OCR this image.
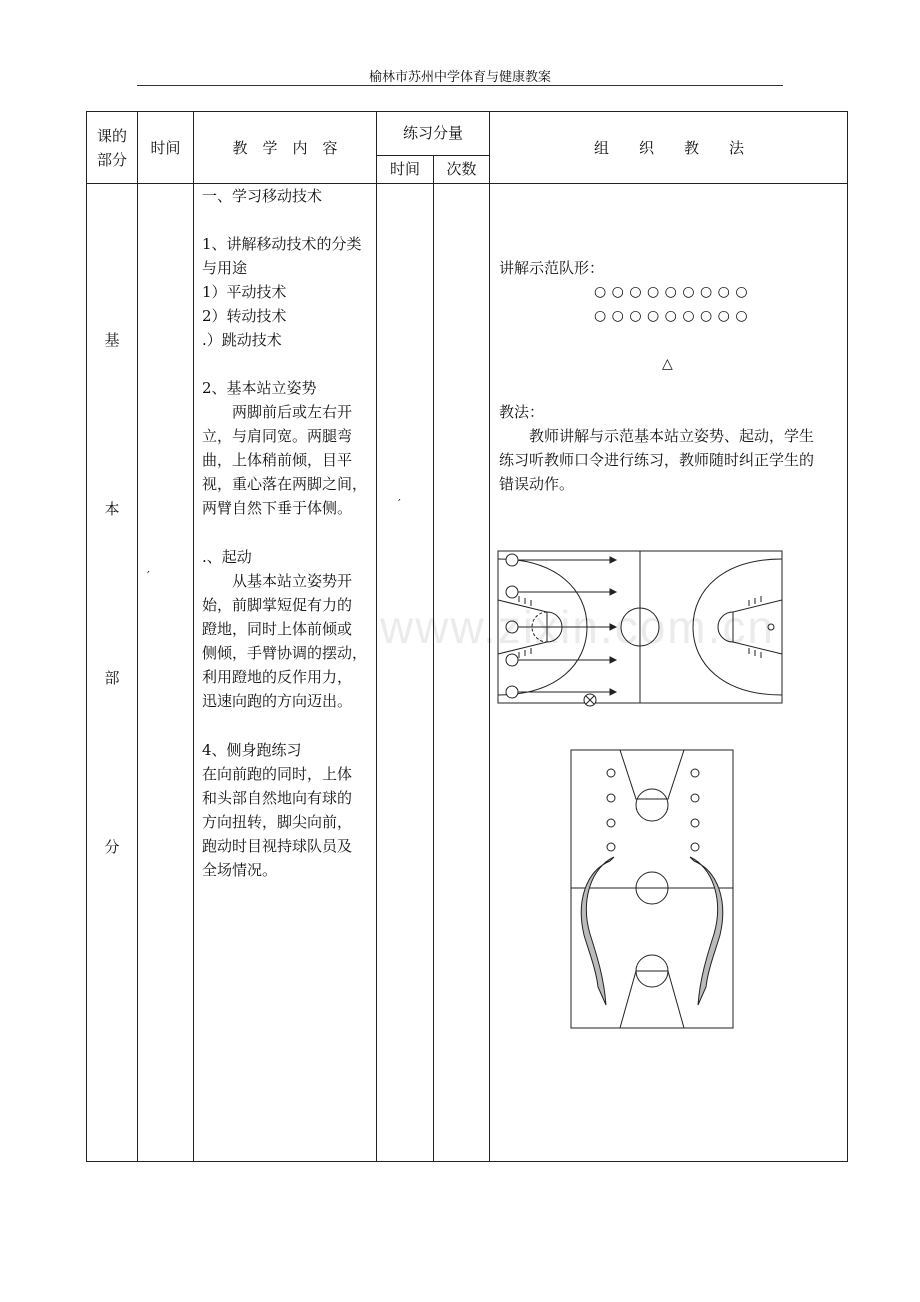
榆林市苏州中学体育与健康教案
课的
部分
时间	教　学　内　容
练习分量
时间	次数
组　　织　　教　　法
基
本
部
分
′
′
一、学习移动技术
1、讲解移动技术的分类
与用途
1）平动技术
2）转动技术
.）跳动技术
2、基本站立姿势
　　两脚前后或左右开
立，与肩同宽。两腿弯
曲，上体稍前倾，目平
视，重心落在两脚之间，
两臂自然下垂于体侧。
.、起动
　　从基本站立姿势开
始，前脚掌短促有力的
蹬地，同时上体前倾或
侧倾，手臂协调的摆动，
利用蹬地的反作用力，
迅速向跑的方向迈出。
4、侧身跑练习
在向前跑的同时，上体
和头部自然地向有球的
方向扭转，脚尖向前，
跑动时目视持球队员及
全场情况。
讲解示范队形：
○ ○ ○ ○ ○ ○ ○ ○ ○
○ ○ ○ ○ ○ ○ ○ ○ ○
△
教法：
　　教师讲解与示范基本站立姿势、起动，学生
练习听教师口令进行练习，教师随时纠正学生的
错误动作。
www.zixin.com.cn
